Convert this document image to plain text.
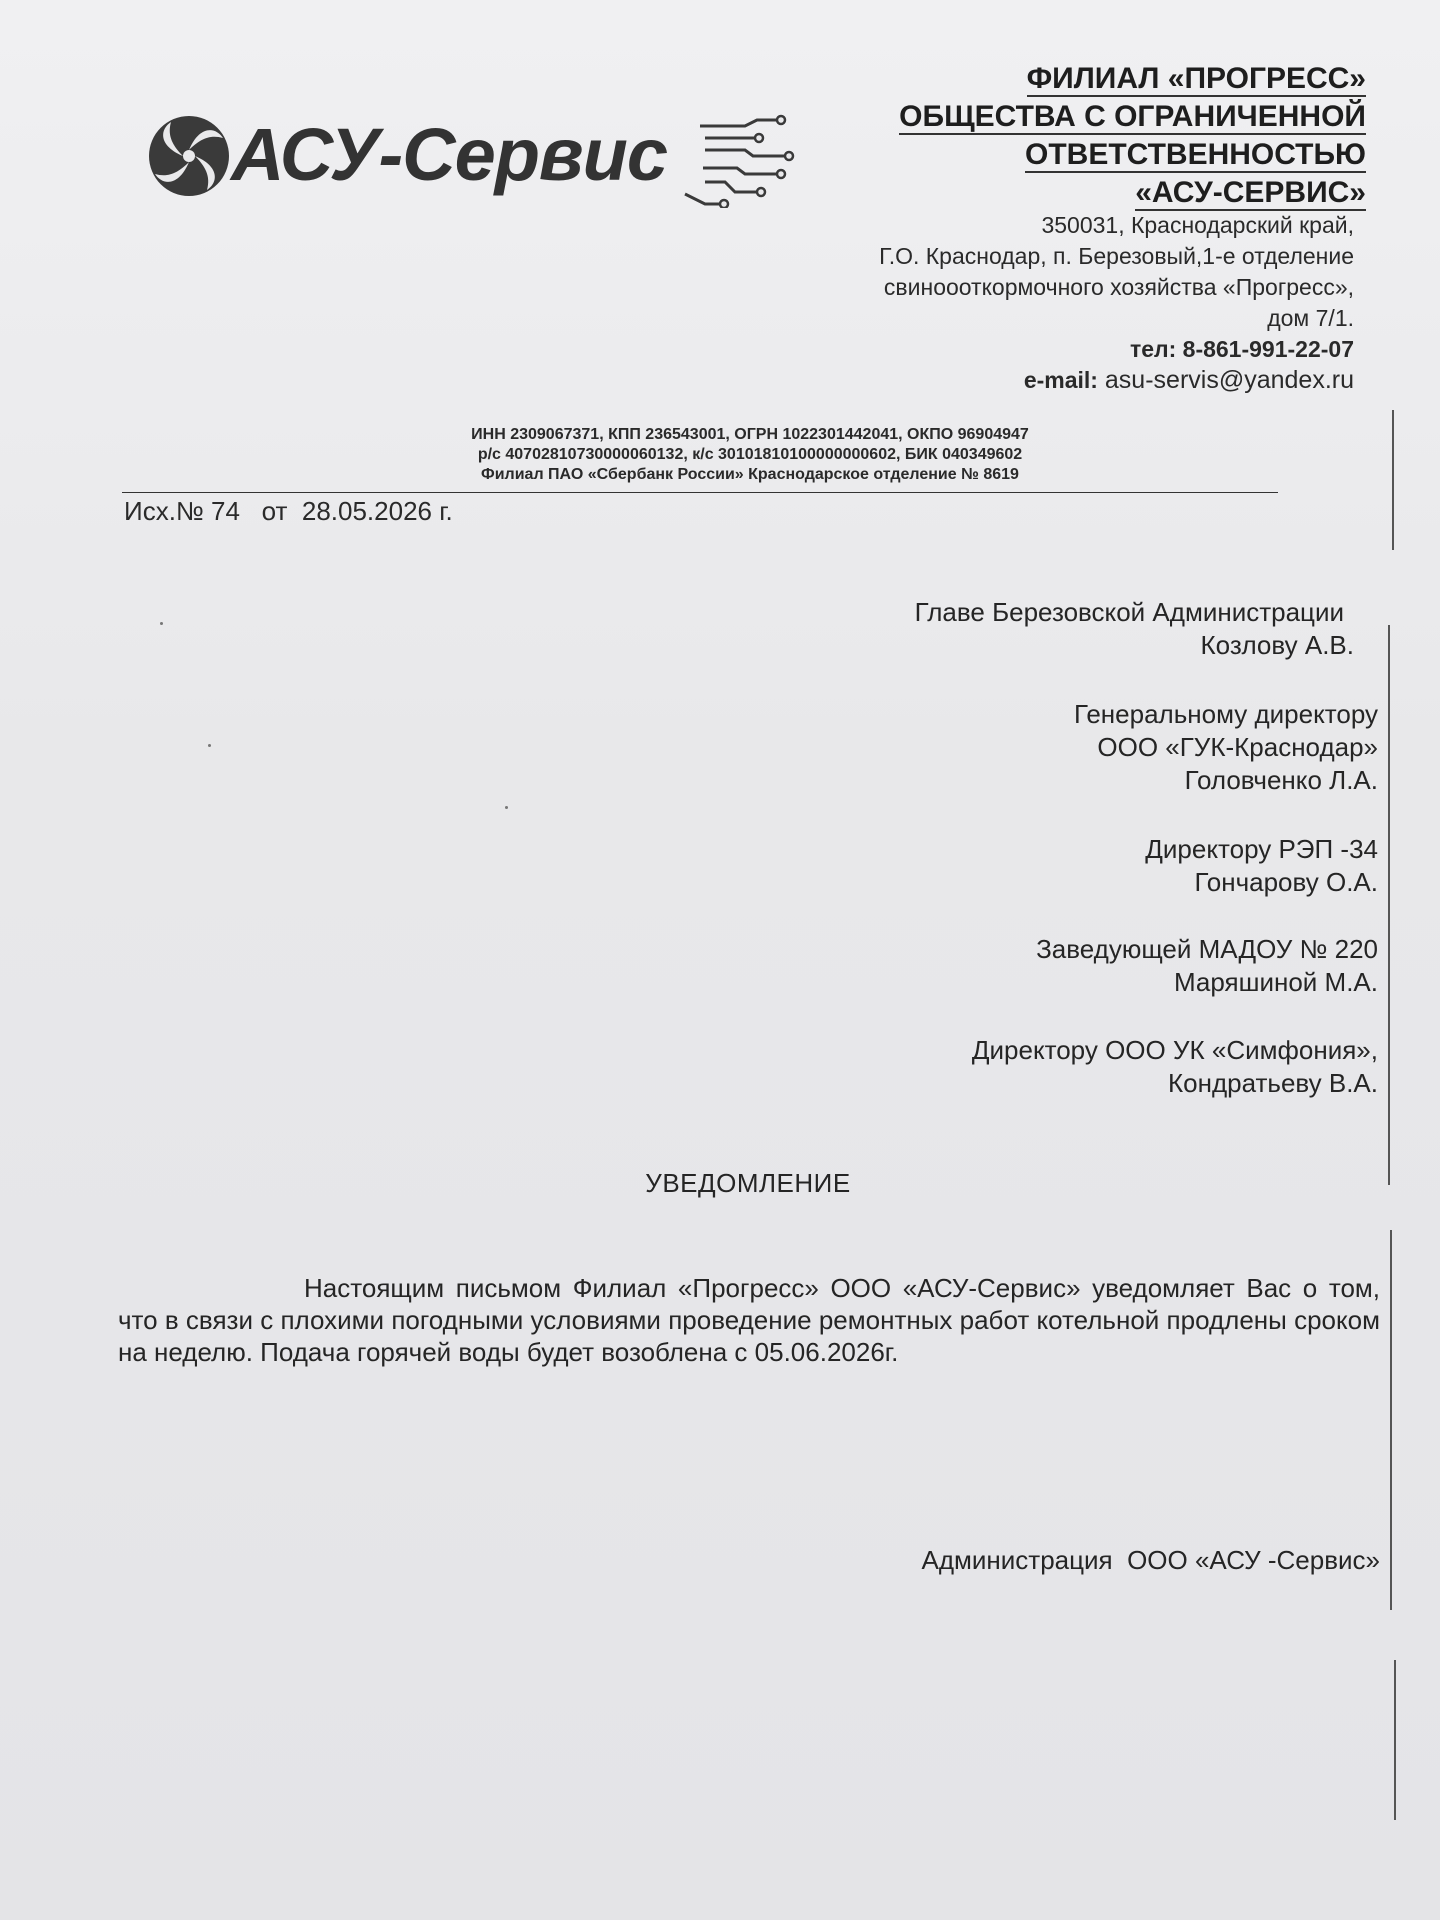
АСУ-Сервис
ФИЛИАЛ «ПРОГРЕСС»
ОБЩЕСТВА С ОГРАНИЧЕННОЙ
ОТВЕТСТВЕННОСТЬЮ
«АСУ-СЕРВИС»
350031, Краснодарский край,
Г.О. Краснодар, п. Березовый,1-е отделение
свиноооткормочного хозяйства «Прогресс»,
дом 7/1.
тел: 8-861-991-22-07
e-mail: asu-servis@yandex.ru
ИНН 2309067371, КПП 236543001, ОГРН 1022301442041, ОКПО 96904947
р/с 40702810730000060132, к/с 30101810100000000602, БИК 040349602
Филиал ПАО «Сбербанк России» Краснодарское отделение № 8619
Исх.№ 74   от  28.05.2026 г.
Главе Березовской Администрации
Козлову А.В.
Генеральному директору
ООО «ГУК-Краснодар»
Головченко Л.А.
Директору РЭП -34
Гончарову О.А.
Заведующей МАДОУ № 220
Маряшиной М.А.
Директору ООО УК «Симфония»,
Кондратьеву В.А.
УВЕДОМЛЕНИЕ
Настоящим письмом Филиал «Прогресс» ООО «АСУ-Сервис» уведомляет Вас о том, что в связи с плохими погодными условиями проведение ремонтных работ котельной продлены сроком на неделю. Подача горячей воды будет возоблена с 05.06.2026г.
Администрация  ООО «АСУ -Сервис»
